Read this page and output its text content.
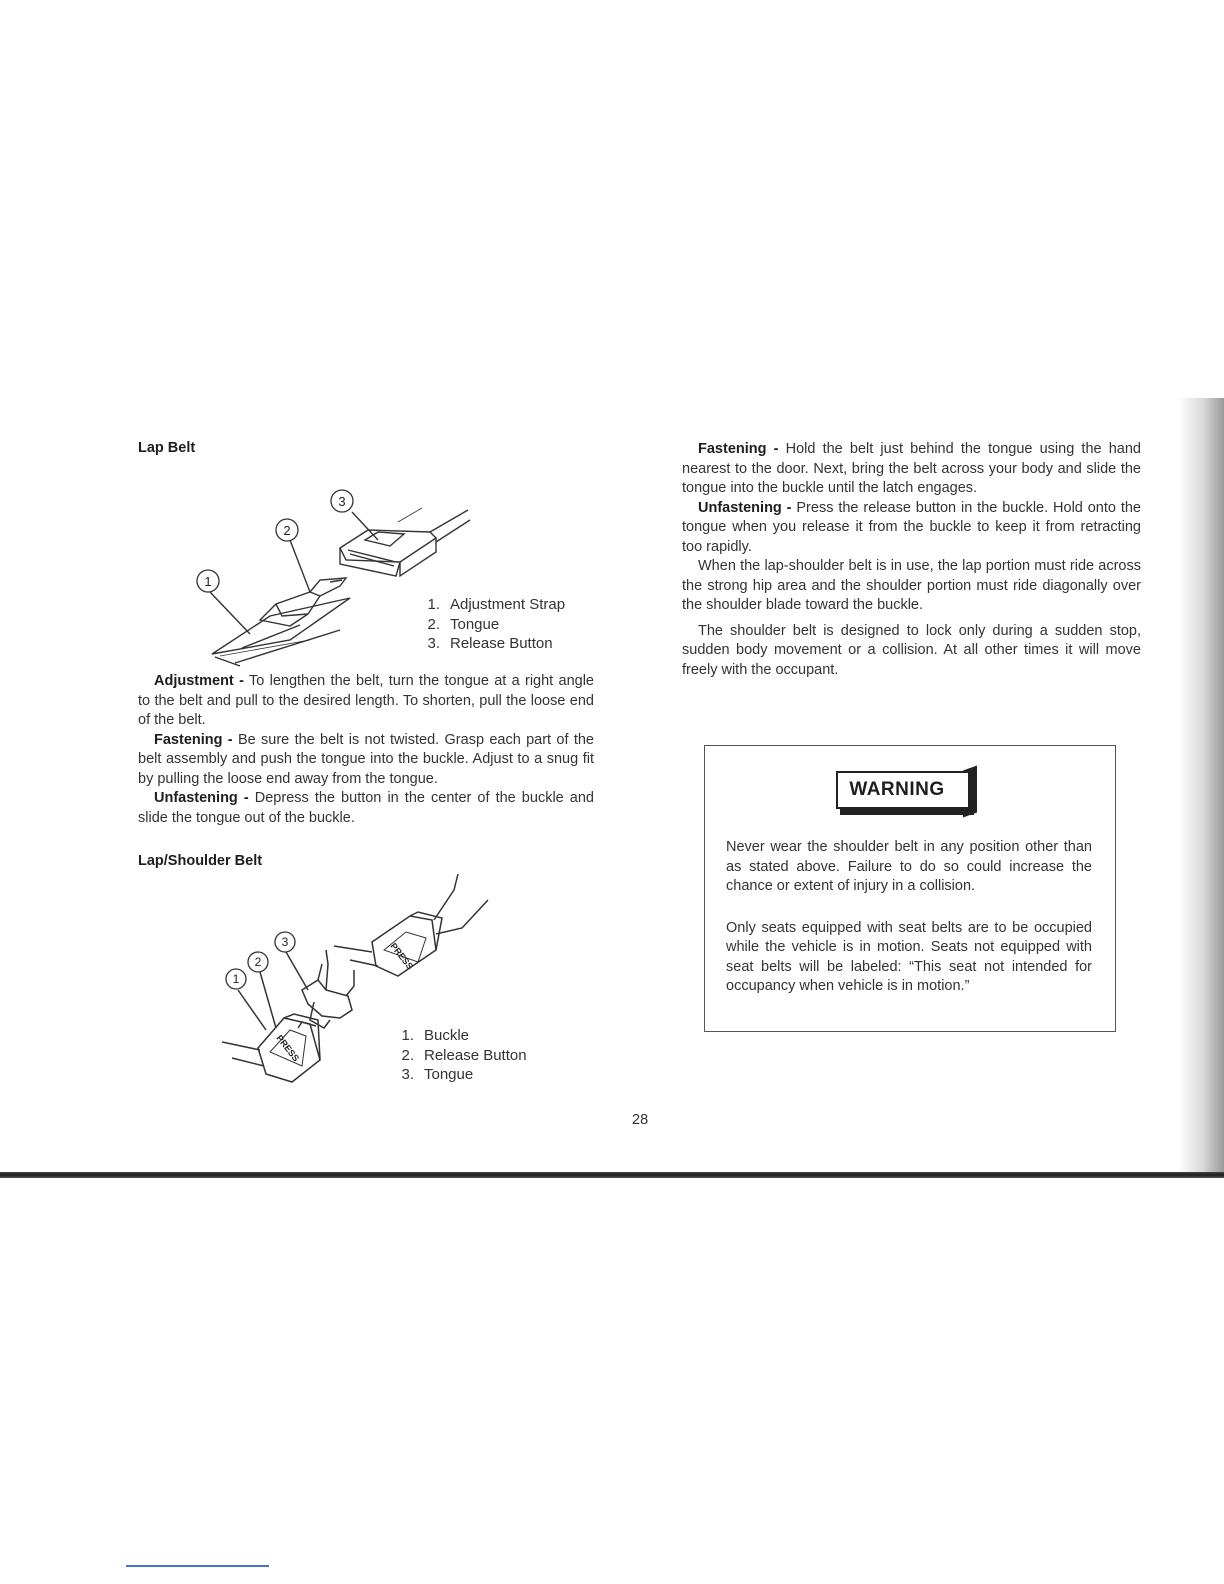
Lap Belt
1
2
3
1. Adjustment Strap
2. Tongue
3. Release Button
Adjustment - To lengthen the belt, turn the tongue at a right angle to the belt and pull to the desired length. To shorten, pull the loose end of the belt.
Fastening - Be sure the belt is not twisted. Grasp each part of the belt assembly and push the tongue into the buckle. Adjust to a snug fit by pulling the loose end away from the tongue.
Unfastening - Depress the button in the center of the buckle and slide the tongue out of the buckle.
Lap/Shoulder Belt
1
2
3	PRESS
PRESS	1. Buckle
2. Release Button
3. Tongue
Fastening - Hold the belt just behind the tongue using the hand nearest to the door. Next, bring the belt across your body and slide the tongue into the buckle until the latch engages.
Unfastening - Press the release button in the buckle. Hold onto the tongue when you release it from the buckle to keep it from retracting too rapidly.
When the lap-shoulder belt is in use, the lap portion must ride across the strong hip area and the shoulder portion must ride diagonally over the shoulder blade toward the buckle.
The shoulder belt is designed to lock only during a sudden stop, sudden body movement or a collision. At all other times it will move freely with the occupant.
WARNING
Never wear the shoulder belt in any position other than as stated above. Failure to do so could increase the chance or extent of injury in a collision.
Only seats equipped with seat belts are to be occupied while the vehicle is in motion. Seats not equipped with seat belts will be labeled: “This seat not intended for occupancy when vehicle is in motion.”
28
